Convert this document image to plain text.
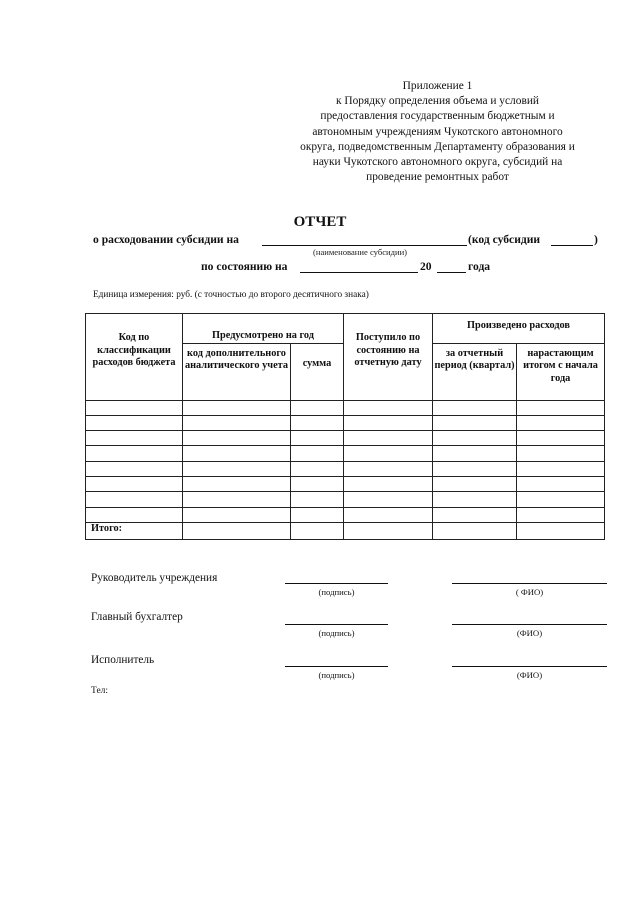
Приложение 1
к Порядку определения объема и условий
предоставления государственным бюджетным и
автономным учреждениям Чукотского автономного
округа, подведомственным Департаменту образования и
науки Чукотского автономного округа, субсидий на
проведение ремонтных работ
ОТЧЕТ
о расходовании субсидии на	(код субсидии	)
(наименование субсидии)
по состоянию на	20	года
Единица измерения: руб. (с точностью до второго десятичного знака)
Код по классификации расходов бюджета	Предусмотрено на год		Поступило по состоянию на отчетную дату	Произведено расходов	
	код дополнительного аналитического учета	сумма		за отчетный период (квартал)	нарастающим итогом с начала года

Итого:					
Руководитель учреждения
(подпись)	( ФИО)
Главный бухгалтер
(подпись)	(ФИО)
Исполнитель
(подпись)	(ФИО)
Тел:
